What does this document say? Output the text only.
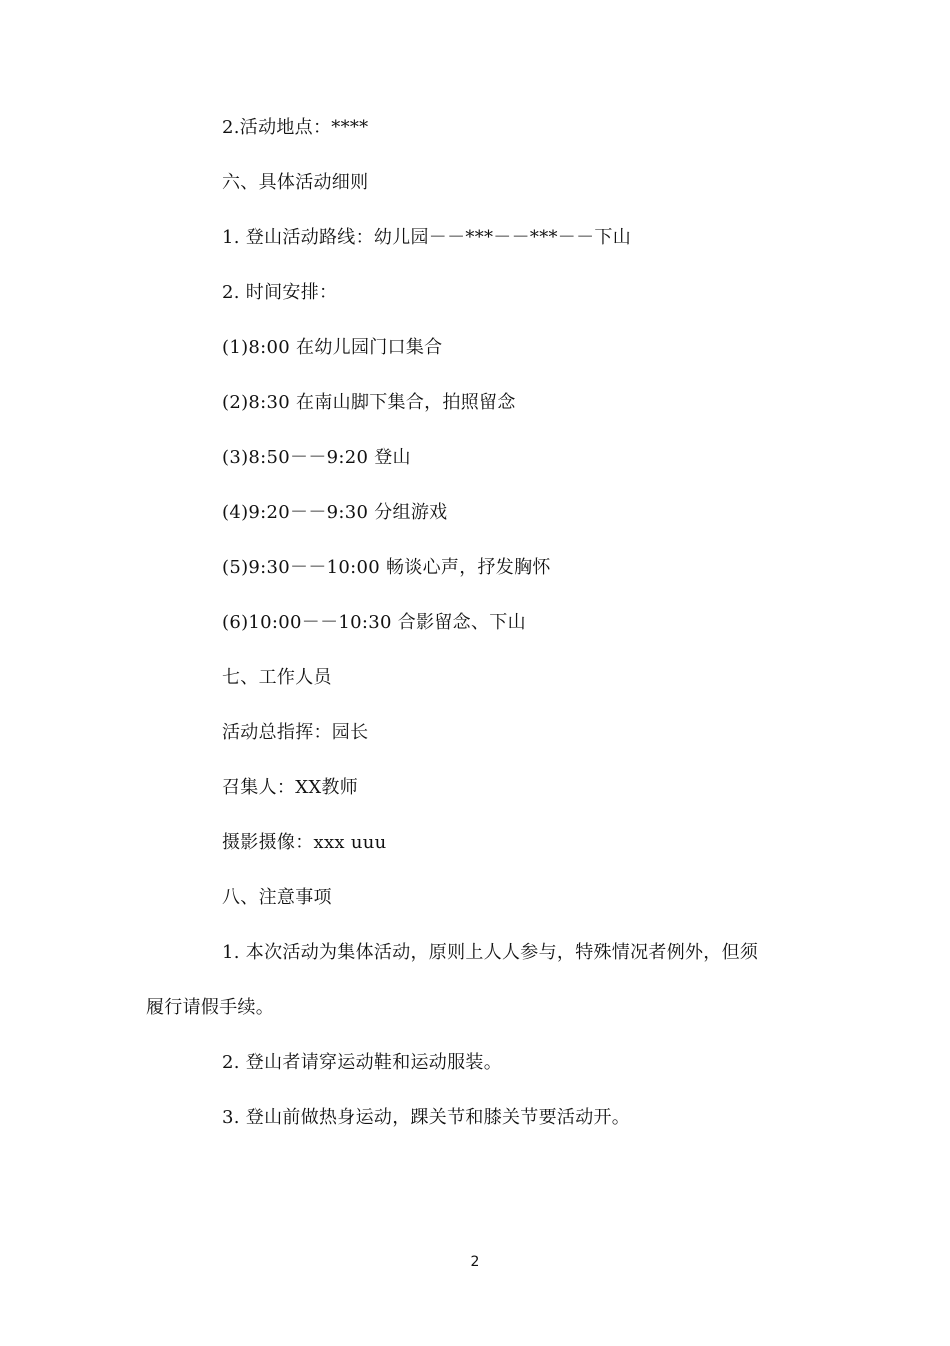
2.活动地点：****
六、具体活动细则
1. 登山活动路线：幼儿园－－***－－***－－下山
2. 时间安排：
(1)8:00 在幼儿园门口集合
(2)8:30 在南山脚下集合，拍照留念
(3)8:50－－9:20 登山
(4)9:20－－9:30 分组游戏
(5)9:30－－10:00 畅谈心声，抒发胸怀
(6)10:00－－10:30 合影留念、下山
七、工作人员
活动总指挥：园长
召集人：XX教师
摄影摄像：xxx uuu
八、注意事项
1. 本次活动为集体活动，原则上人人参与，特殊情况者例外，但须
履行请假手续。
2. 登山者请穿运动鞋和运动服装。
3. 登山前做热身运动，踝关节和膝关节要活动开。
2
